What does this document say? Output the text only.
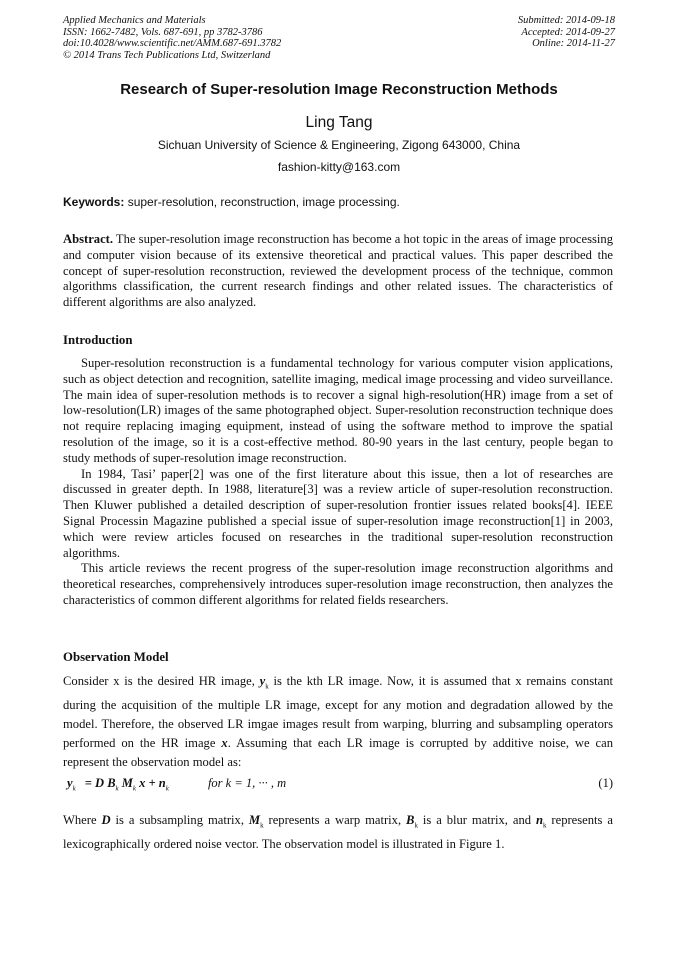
Applied Mechanics and Materials
ISSN: 1662-7482, Vols. 687-691, pp 3782-3786
doi:10.4028/www.scientific.net/AMM.687-691.3782
© 2014 Trans Tech Publications Ltd, Switzerland
Submitted: 2014-09-18
Accepted: 2014-09-27
Online: 2014-11-27
Research of Super-resolution Image Reconstruction Methods
Ling Tang
Sichuan University of Science & Engineering, Zigong 643000, China
fashion-kitty@163.com
Keywords: super-resolution, reconstruction, image processing.

Abstract. The super-resolution image reconstruction has become a hot topic in the areas of image processing and computer vision because of its extensive theoretical and practical values. This paper described the concept of super-resolution reconstruction, reviewed the development process of the technique, common algorithms classification, the current research findings and other related issues. The characteristics of different algorithms are also analyzed.

Introduction

Super-resolution reconstruction is a fundamental technology for various computer vision applications, such as object detection and recognition, satellite imaging, medical image processing and video surveillance. The main idea of super-resolution methods is to recover a signal high-resolution(HR) image from a set of low-resolution(LR) images of the same photographed object. Super-resolution reconstruction technique does not require replacing imaging equipment, instead of using the software method to improve the spatial resolution of the image, so it is a cost-effective method. 80-90 years in the last century, people began to study methods of super-resolution image reconstruction.

In 1984, Tasi’ paper[2] was one of the first literature about this issue, then a lot of researches are discussed in greater depth. In 1988, literature[3] was a review article of super-resolution reconstruction. Then Kluwer published a detailed description of super-resolution frontier issues related books[4]. IEEE Signal Processin Magazine published a special issue of super-resolution image reconstruction[1] in 2003, which were review articles focused on researches in the traditional super-resolution reconstruction algorithms.

This article reviews the recent progress of the super-resolution image reconstruction algorithms and theoretical researches, comprehensively introduces super-resolution image reconstruction, then analyzes the characteristics of common different algorithms for related fields researchers.

Observation Model

Consider x is the desired HR image, $y_k$ is the kth LR image. Now, it is assumed that x remains constant during the acquisition of the multiple LR image, except for any motion and degradation allowed by the model. Therefore, the observed LR imgae images result from warping, blurring and subsampling operators performed on the HR image x. Assuming that each LR image is corrupted by additive noise, we can represent the observation model as:

$y_k = D$ $B_k$ $M_k$ $x + n_k$	for k = 1, ··· , m	(1)

Where D is a subsampling matrix, $M_k$ represents a warp matrix, $B_k$ is a blur matrix, and $n_k$ represents a lexicographically ordered noise vector. The observation model is illustrated in Figure 1.
